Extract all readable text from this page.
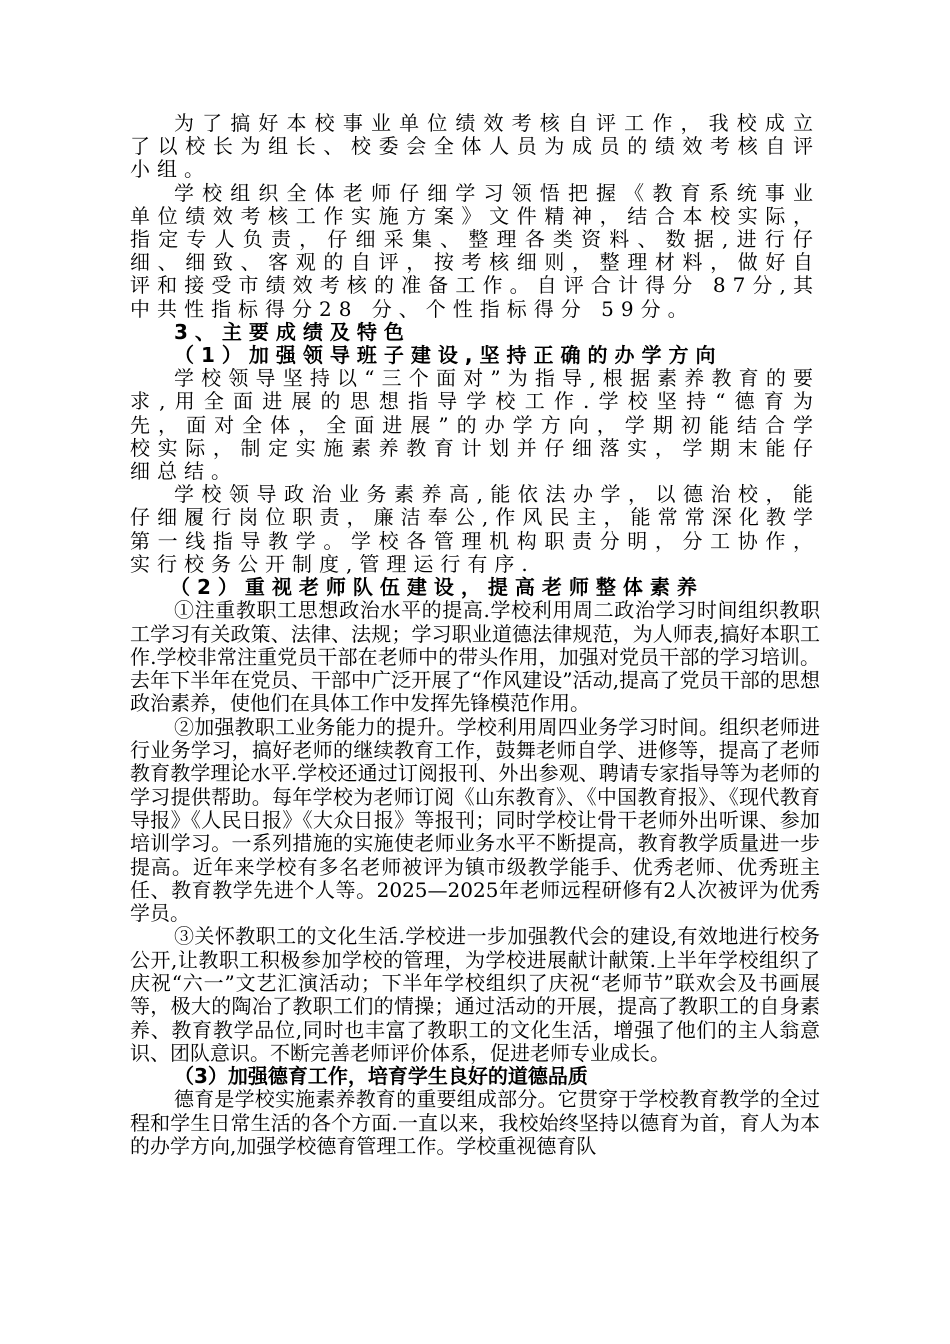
为了搞好本校事业单位绩效考核自评工作，我校成立了以校长为组长、校委会全体人员为成员的绩效考核自评小组。

学校组织全体老师仔细学习领悟把握《教育系统事业单位绩效考核工作实施方案》文件精神，结合本校实际，指定专人负责，仔细采集、整理各类资料、数据,进行仔细、细致、客观的自评，按考核细则，整理材料，做好自评和接受市绩效考核的准备工作。自评合计得分 87分,其中共性指标得分28 分、个性指标得分 59分。

3、主要成绩及特色

（1）加强领导班子建设,坚持正确的办学方向

学校领导坚持以“三个面对”为指导,根据素养教育的要求,用全面进展的思想指导学校工作.学校坚持“德育为先，面对全体，全面进展”的办学方向，学期初能结合学校实际，制定实施素养教育计划并仔细落实，学期末能仔细总结。

学校领导政治业务素养高,能依法办学，以德治校，能仔细履行岗位职责，廉洁奉公,作风民主，能常常深化教学第一线指导教学。学校各管理机构职责分明，分工协作，实行校务公开制度,管理运行有序.

（2）重视老师队伍建设，提高老师整体素养

①注重教职工思想政治水平的提高.学校利用周二政治学习时间组织教职工学习有关政策、法律、法规；学习职业道德法律规范，为人师表,搞好本职工作.学校非常注重党员干部在老师中的带头作用，加强对党员干部的学习培训。去年下半年在党员、干部中广泛开展了“作风建设”活动,提高了党员干部的思想政治素养，使他们在具体工作中发挥先锋模范作用。

②加强教职工业务能力的提升。学校利用周四业务学习时间。组织老师进行业务学习，搞好老师的继续教育工作，鼓舞老师自学、进修等，提高了老师教育教学理论水平.学校还通过订阅报刊、外出参观、聘请专家指导等为老师的学习提供帮助。每年学校为老师订阅《山东教育》、《中国教育报》、《现代教育导报》《人民日报》《大众日报》等报刊；同时学校让骨干老师外出听课、参加培训学习。一系列措施的实施使老师业务水平不断提高，教育教学质量进一步提高。近年来学校有多名老师被评为镇市级教学能手、优秀老师、优秀班主任、教育教学先进个人等。2025—2025年老师远程研修有2人次被评为优秀学员。

③关怀教职工的文化生活.学校进一步加强教代会的建设,有效地进行校务公开,让教职工积极参加学校的管理，为学校进展献计献策.上半年学校组织了庆祝“六一”文艺汇演活动；下半年学校组织了庆祝“老师节”联欢会及书画展等，极大的陶冶了教职工们的情操；通过活动的开展，提高了教职工的自身素养、教育教学品位,同时也丰富了教职工的文化生活，增强了他们的主人翁意识、团队意识。不断完善老师评价体系，促进老师专业成长。

（3）加强德育工作，培育学生良好的道德品质

德育是学校实施素养教育的重要组成部分。它贯穿于学校教育教学的全过程和学生日常生活的各个方面.一直以来，我校始终坚持以德育为首，育人为本的办学方向,加强学校德育管理工作。学校重视德育队
